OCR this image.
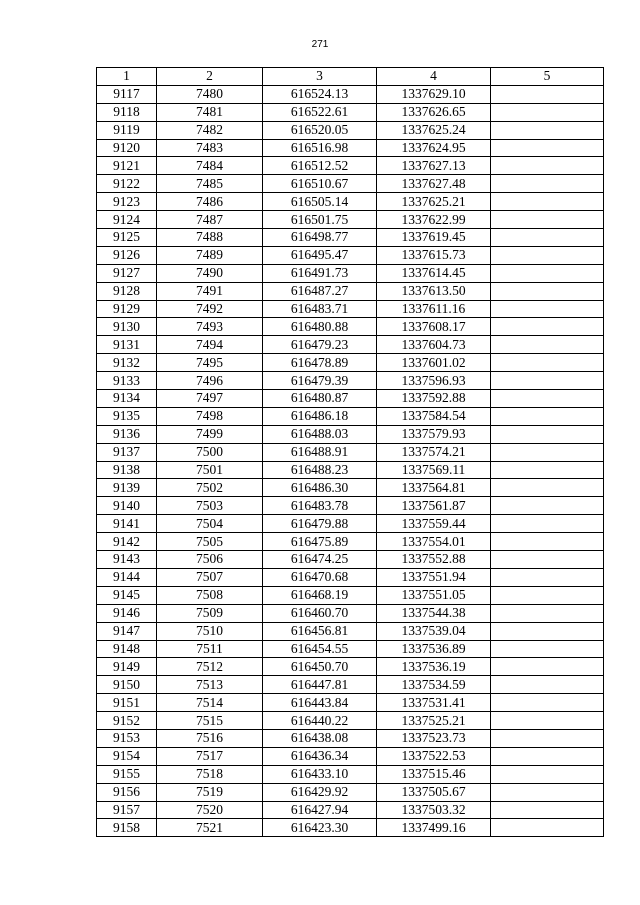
271
1	2	3	4	5
9117	7480	616524.13	1337629.10	
9118	7481	616522.61	1337626.65	
9119	7482	616520.05	1337625.24	
9120	7483	616516.98	1337624.95	
9121	7484	616512.52	1337627.13	
9122	7485	616510.67	1337627.48	
9123	7486	616505.14	1337625.21	
9124	7487	616501.75	1337622.99	
9125	7488	616498.77	1337619.45	
9126	7489	616495.47	1337615.73	
9127	7490	616491.73	1337614.45	
9128	7491	616487.27	1337613.50	
9129	7492	616483.71	1337611.16	
9130	7493	616480.88	1337608.17	
9131	7494	616479.23	1337604.73	
9132	7495	616478.89	1337601.02	
9133	7496	616479.39	1337596.93	
9134	7497	616480.87	1337592.88	
9135	7498	616486.18	1337584.54	
9136	7499	616488.03	1337579.93	
9137	7500	616488.91	1337574.21	
9138	7501	616488.23	1337569.11	
9139	7502	616486.30	1337564.81	
9140	7503	616483.78	1337561.87	
9141	7504	616479.88	1337559.44	
9142	7505	616475.89	1337554.01	
9143	7506	616474.25	1337552.88	
9144	7507	616470.68	1337551.94	
9145	7508	616468.19	1337551.05	
9146	7509	616460.70	1337544.38	
9147	7510	616456.81	1337539.04	
9148	7511	616454.55	1337536.89	
9149	7512	616450.70	1337536.19	
9150	7513	616447.81	1337534.59	
9151	7514	616443.84	1337531.41	
9152	7515	616440.22	1337525.21	
9153	7516	616438.08	1337523.73	
9154	7517	616436.34	1337522.53	
9155	7518	616433.10	1337515.46	
9156	7519	616429.92	1337505.67	
9157	7520	616427.94	1337503.32	
9158	7521	616423.30	1337499.16	
